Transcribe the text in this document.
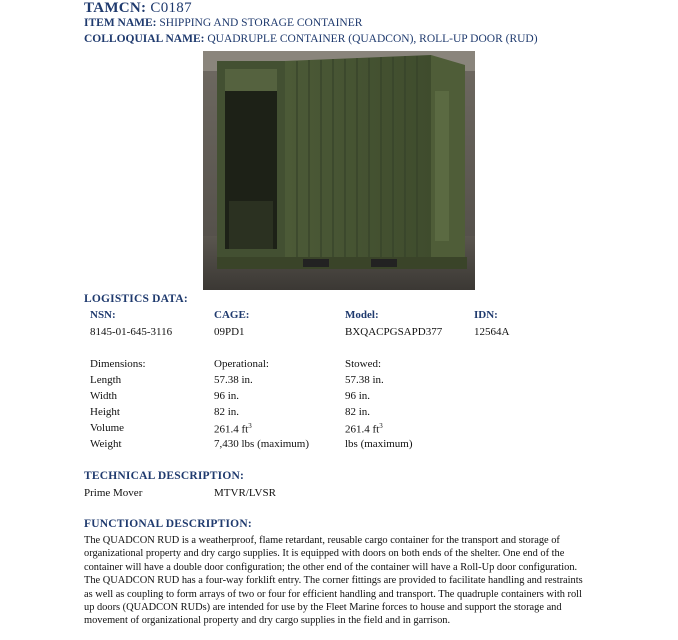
TAMCN: C0187
ITEM NAME: SHIPPING AND STORAGE CONTAINER
COLLOQUIAL NAME: QUADRUPLE CONTAINER (QUADCON), ROLL-UP DOOR (RUD)
LOGISTICS DATA:
NSN:	CAGE:	Model:	IDN:
8145-01-645-3116	09PD1	BXQACPGSAPD377	12564A
Dimensions:	Operational:	Stowed:
Length	57.38 in.	57.38 in.
Width	96 in.	96 in.
Height	82 in.	82 in.
Volume	261.4 $ft^3$	261.4 $ft^3$
Weight	7,430 lbs (maximum)	lbs (maximum)
TECHNICAL DESCRIPTION:
Prime Mover	MTVR/LVSR
FUNCTIONAL DESCRIPTION:
The QUADCON RUD is a weatherproof, flame retardant, reusable cargo container for the transport and storage of organizational property and dry cargo supplies. It is equipped with doors on both ends of the shelter. One end of the container will have a double door configuration; the other end of the container will have a Roll-Up door configuration. The QUADCON RUD has a four-way forklift entry. The corner fittings are provided to facilitate handling and restraints as well as coupling to form arrays of two or four for efficient handling and transport. The quadruple containers with roll up doors (QUADCON RUDs) are intended for use by the Fleet Marine forces to house and support the storage and movement of organizational property and dry cargo supplies in the field and in garrison.
